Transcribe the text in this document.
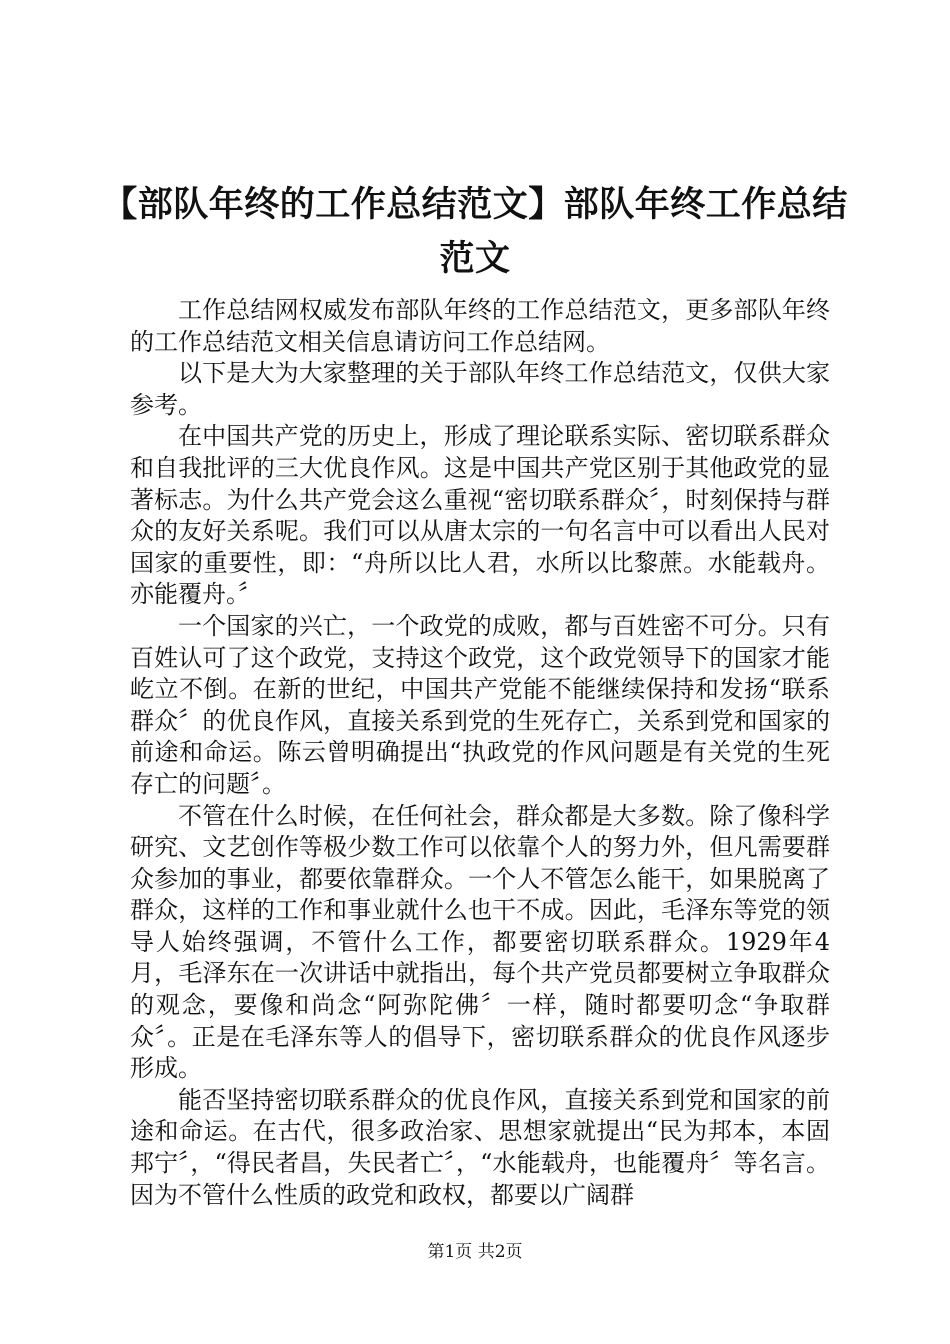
【部队年终的工作总结范文】部队年终工作总结范文

工作总结网权威发布部队年终的工作总结范文，更多部队年终的工作总结范文相关信息请访问工作总结网。

以下是大为大家整理的关于部队年终工作总结范文，仅供大家参考。

在中国共产党的历史上，形成了理论联系实际、密切联系群众和自我批评的三大优良作风。这是中国共产党区别于其他政党的显著标志。为什么共产党会这么重视“密切联系群众〞，时刻保持与群众的友好关系呢。我们可以从唐太宗的一句名言中可以看出人民对国家的重要性，即：“舟所以比人君，水所以比黎蔗。水能载舟。亦能覆舟。〞

一个国家的兴亡，一个政党的成败，都与百姓密不可分。只有百姓认可了这个政党，支持这个政党，这个政党领导下的国家才能屹立不倒。在新的世纪，中国共产党能不能继续保持和发扬“联系群众〞的优良作风，直接关系到党的生死存亡，关系到党和国家的前途和命运。陈云曾明确提出“执政党的作风问题是有关党的生死存亡的问题〞。

不管在什么时候，在任何社会，群众都是大多数。除了像科学研究、文艺创作等极少数工作可以依靠个人的努力外，但凡需要群众参加的事业，都要依靠群众。一个人不管怎么能干，如果脱离了群众，这样的工作和事业就什么也干不成。因此，毛泽东等党的领导人始终强调，不管什么工作，都要密切联系群众。1929年4月，毛泽东在一次讲话中就指出，每个共产党员都要树立争取群众的观念，要像和尚念“阿弥陀佛〞一样，随时都要叨念“争取群众〞。正是在毛泽东等人的倡导下，密切联系群众的优良作风逐步形成。

能否坚持密切联系群众的优良作风，直接关系到党和国家的前途和命运。在古代，很多政治家、思想家就提出“民为邦本，本固邦宁〞，“得民者昌，失民者亡〞，“水能载舟，也能覆舟〞等名言。因为不管什么性质的政党和政权，都要以广阔群

第1页 共2页
